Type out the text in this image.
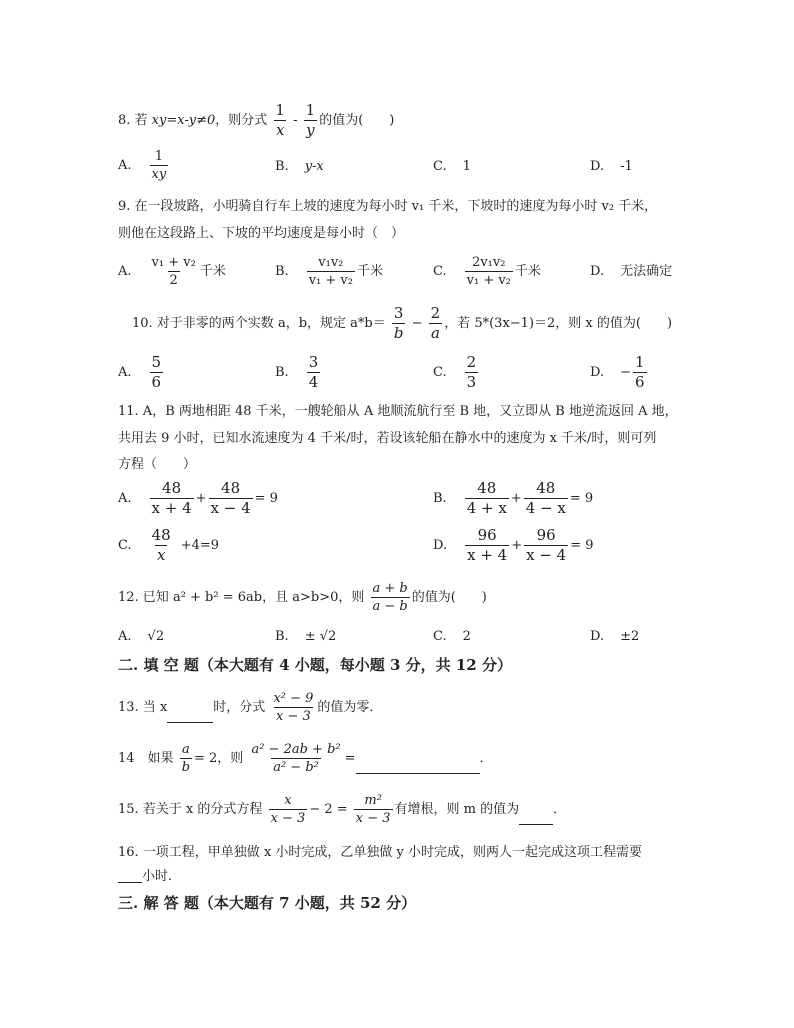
8. 若 xy=x-y≠0，则分式 $\frac{1}{x} - \frac{1}{y}$ 的值为(　　)
A. $\frac{1}{xy}$	B. y-x	C. 1	D. -1
9. 在一段坡路，小明骑自行车上坡的速度为每小时 v₁ 千米，下坡时的速度为每小时 v₂ 千米，
则他在这段路上、下坡的平均速度是每小时（　）
A. $\frac{\text{v₁ + v₂}}{2}$ 千米	B. $\frac{\text{v₁v₂}}{\text{v₁ + v₂}}$ 千米	C. $\frac{\text{2v₁v₂}}{\text{v₁ + v₂}}$ 千米	D. 无法确定
10. 对于非零的两个实数 a，b，规定 $a*b= \frac{3}{b} - \frac{2}{a}$ ，若 5*(3x−1)＝2，则 x 的值为(　　)
A. $\frac{5}{6}$	B. $\frac{3}{4}$	C. $\frac{2}{3}$	D. − $\frac{1}{6}$
11. A，B 两地相距 48 千米，一艘轮船从 A 地顺流航行至 B 地，又立即从 B 地逆流返回 A 地，
共用去 9 小时，已知水流速度为 4 千米/时，若设该轮船在静水中的速度为 x 千米/时，则可列
方程（　　）
A. $\frac{48}{x + 4} + \frac{48}{x - 4} = 9$	B. $\frac{48}{4 + x} + \frac{48}{4 - x} = 9$
C. $\frac{48}{x} +4=9$	D. $\frac{96}{x + 4} + \frac{96}{x - 4} = 9$
12. 已知 a² + b² = 6ab，且 a>b>0，则 $\frac{a + b}{a - b}$ 的值为(　　)
A. √2	B. ± √2	C. 2	D. ±2
二. 填 空 题（本大题有 4 小题，每小题 3 分，共 12 分）
13. 当 x	时，分式 $\frac{\text{x² − 9}}{x - 3}$ 的值为零．
14　如果 $\frac{a}{b} = 2$，则 $\frac{\text{a² − 2ab + b²}}{\text{a² − b²}}$ =	．
15. 若关于 x 的分式方程 $\frac{x}{x - 3} - 2 = \frac{\text{m²}}{x - 3}$ 有增根，则 m 的值为	．
16. 一项工程，甲单独做 x 小时完成，乙单独做 y 小时完成，则两人一起完成这项工程需要
小时．
三. 解 答 题（本大题有 7 小题，共 52 分）
